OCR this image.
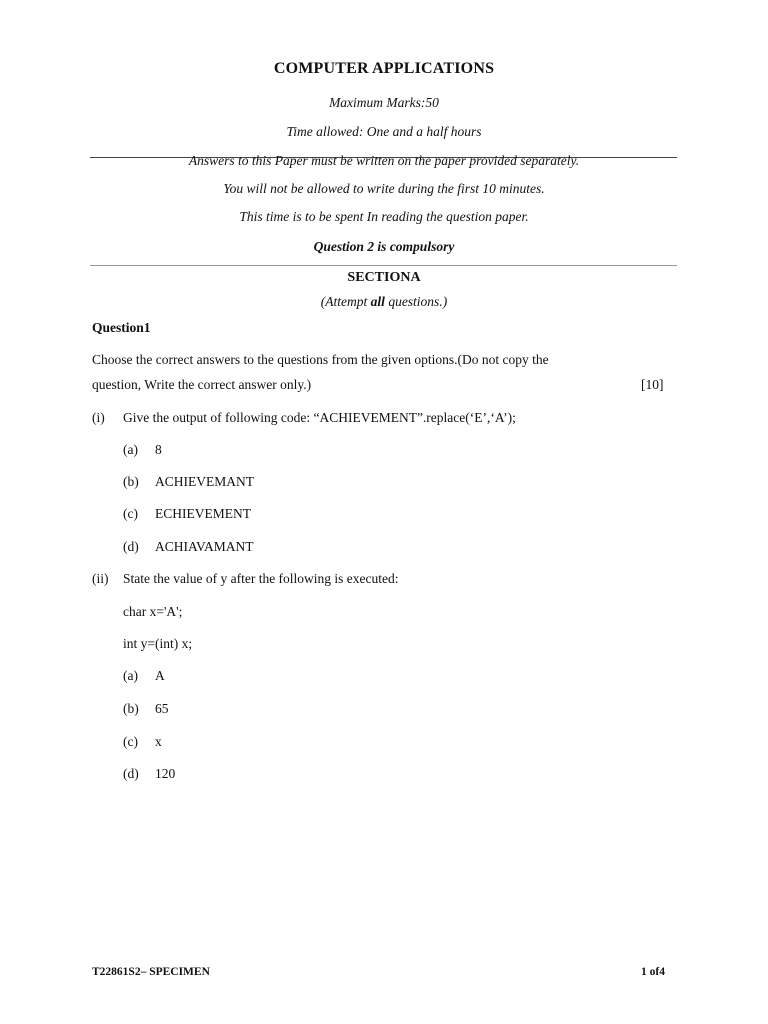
COMPUTER APPLICATIONS
Maximum Marks:50
Time allowed: One and a half hours
Answers to this Paper must be written on the paper provided separately.
You will not be allowed to write during the first 10 minutes.
This time is to be spent In reading the question paper.
Question 2 is compulsory
SECTIONA
(Attempt all questions.)
Question1
Choose the correct answers to the questions from the given options.(Do not copy the
question, Write the correct answer only.)	[10]
(i) Give the output of following code: “ACHIEVEMENT”.replace(‘E’,‘A’);
(a) 8
(b) ACHIEVEMANT
(c) ECHIEVEMENT
(d) ACHIAVAMANT
(ii) State the value of y after the following is executed:
char x='A';
int y=(int) x;
(a) A
(b) 65
(c) x
(d) 120
T22861S2– SPECIMEN	1 of4
